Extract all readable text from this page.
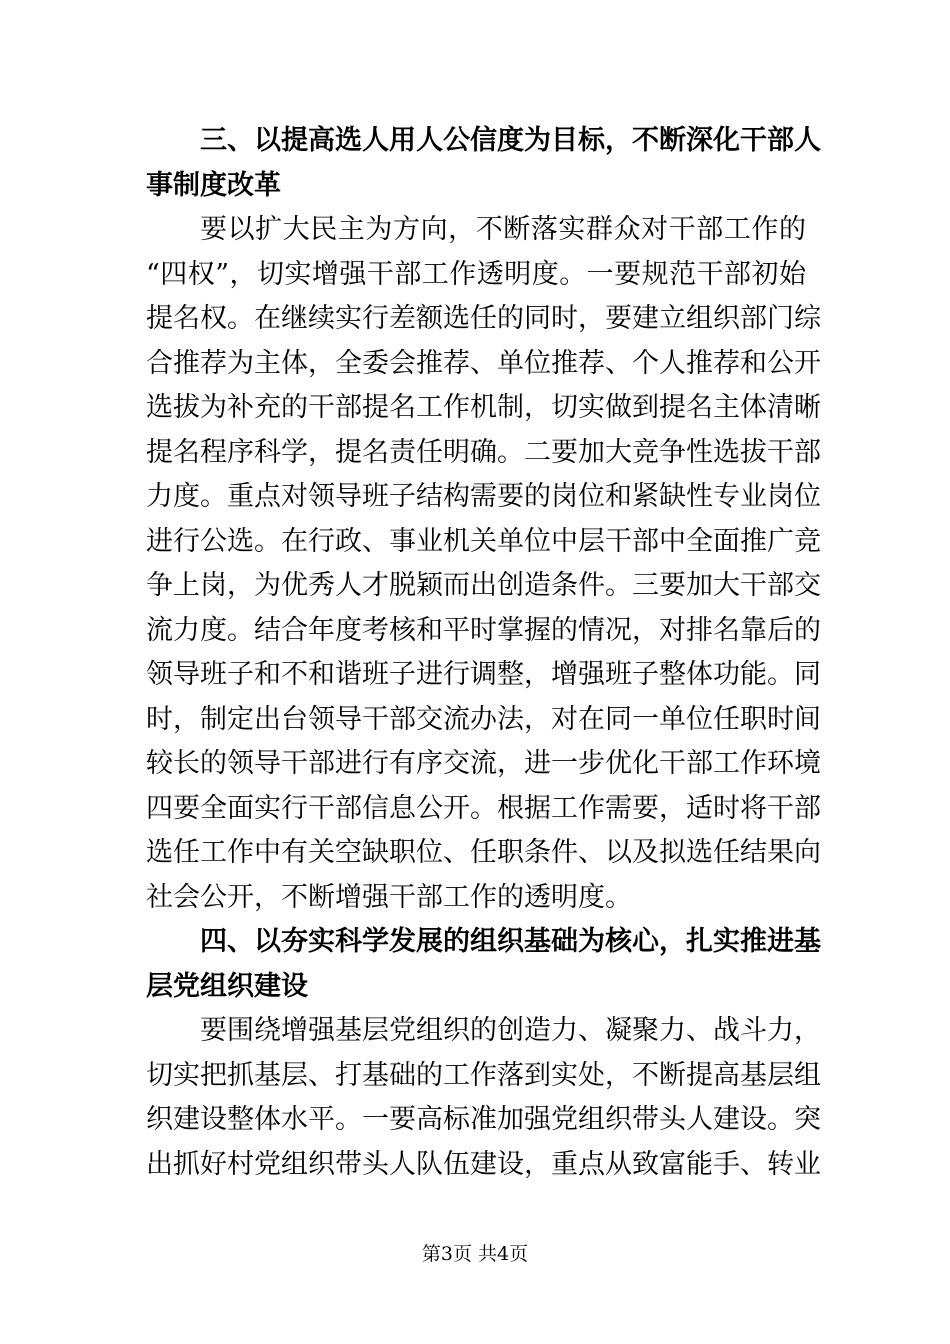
三、以提高选人用人公信度为目标，不断深化干部人
事制度改革
要以扩大民主为方向，不断落实群众对干部工作的
“四权”，切实增强干部工作透明度。一要规范干部初始
提名权。在继续实行差额选任的同时，要建立组织部门综
合推荐为主体，全委会推荐、单位推荐、个人推荐和公开
选拔为补充的干部提名工作机制，切实做到提名主体清晰
提名程序科学，提名责任明确。二要加大竞争性选拔干部
力度。重点对领导班子结构需要的岗位和紧缺性专业岗位
进行公选。在行政、事业机关单位中层干部中全面推广竞
争上岗，为优秀人才脱颖而出创造条件。三要加大干部交
流力度。结合年度考核和平时掌握的情况，对排名靠后的
领导班子和不和谐班子进行调整，增强班子整体功能。同
时，制定出台领导干部交流办法，对在同一单位任职时间
较长的领导干部进行有序交流，进一步优化干部工作环境
四要全面实行干部信息公开。根据工作需要，适时将干部
选任工作中有关空缺职位、任职条件、以及拟选任结果向
社会公开，不断增强干部工作的透明度。
四、以夯实科学发展的组织基础为核心，扎实推进基
层党组织建设
要围绕增强基层党组织的创造力、凝聚力、战斗力，
切实把抓基层、打基础的工作落到实处，不断提高基层组
织建设整体水平。一要高标准加强党组织带头人建设。突
出抓好村党组织带头人队伍建设，重点从致富能手、转业
第3页 共4页
